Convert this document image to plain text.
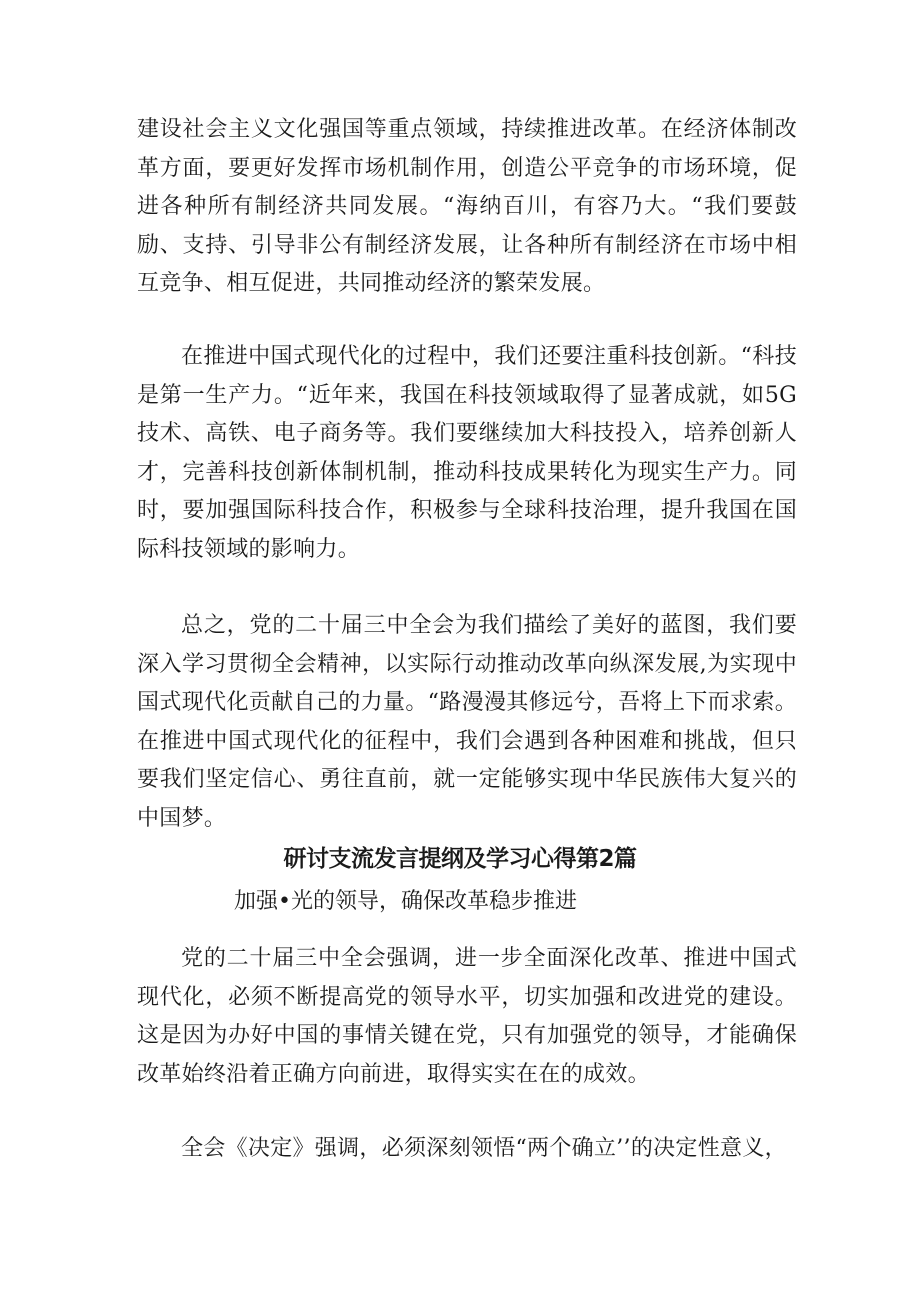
建设社会主义文化强国等重点领域，持续推进改革。在经济体制改革方面，要更好发挥市场机制作用，创造公平竞争的市场环境，促进各种所有制经济共同发展。“海纳百川，有容乃大。“我们要鼓励、支持、引导非公有制经济发展，让各种所有制经济在市场中相互竞争、相互促进，共同推动经济的繁荣发展。

在推进中国式现代化的过程中，我们还要注重科技创新。“科技是第一生产力。“近年来，我国在科技领域取得了显著成就，如5G技术、高铁、电子商务等。我们要继续加大科技投入，培养创新人才，完善科技创新体制机制，推动科技成果转化为现实生产力。同时，要加强国际科技合作，积极参与全球科技治理，提升我国在国际科技领域的影响力。

总之，党的二十届三中全会为我们描绘了美好的蓝图，我们要深入学习贯彻全会精神，以实际行动推动改革向纵深发展,为实现中国式现代化贡献自己的力量。“路漫漫其修远兮，吾将上下而求索。在推进中国式现代化的征程中，我们会遇到各种困难和挑战，但只要我们坚定信心、勇往直前，就一定能够实现中华民族伟大复兴的中国梦。

研讨支流发言提纲及学习心得第2篇
加强•光的领导，确保改革稳步推进

党的二十届三中全会强调，进一步全面深化改革、推进中国式现代化，必须不断提高党的领导水平，切实加强和改进党的建设。这是因为办好中国的事情关键在党，只有加强党的领导，才能确保改革始终沿着正确方向前进，取得实实在在的成效。

全会《决定》强调，必须深刻领悟“两个确立’’的决定性意义，
